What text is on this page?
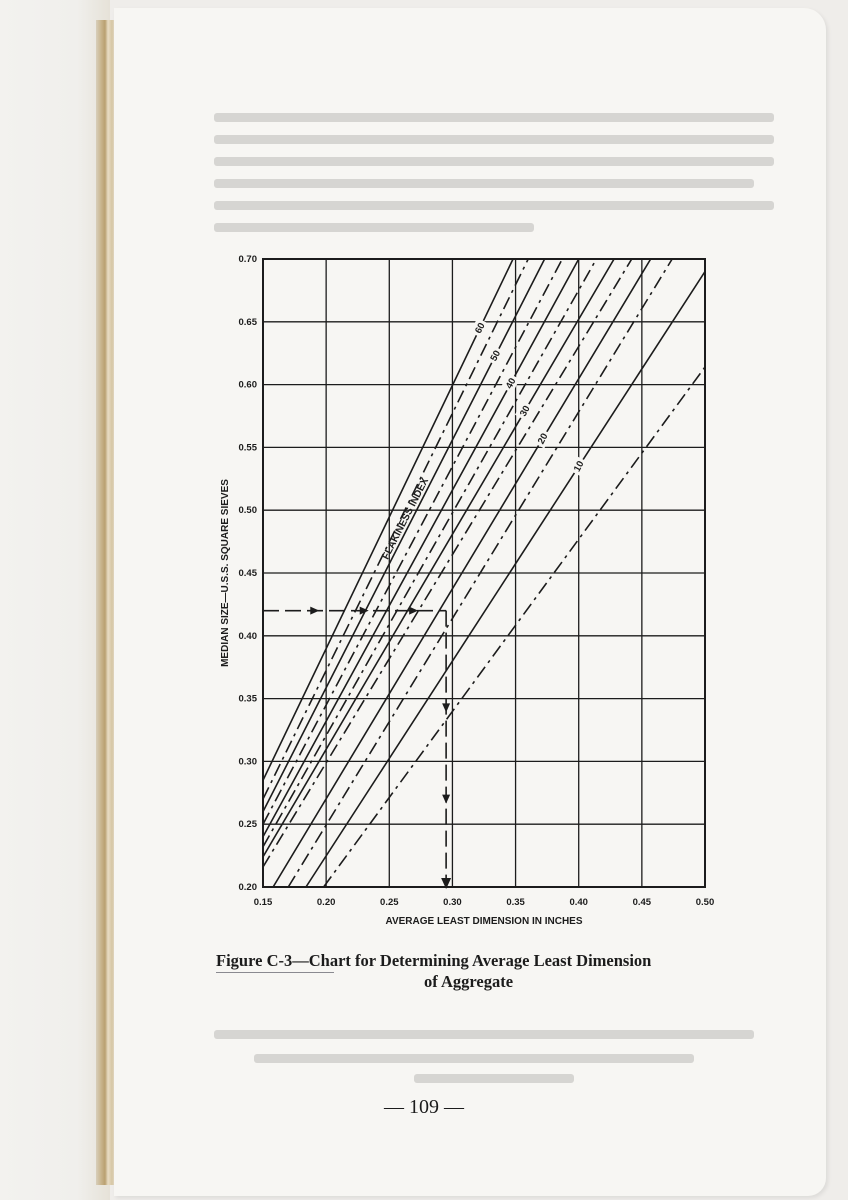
0.15	0.20	0.25	0.30	0.35	0.40	0.45	0.50
0.20
0.25
0.30
0.35
0.40
0.45
0.50
0.55
0.60
0.65
0.70
AVERAGE LEAST DIMENSION IN INCHES
MEDIAN SIZE—U.S.S. SQUARE SIEVES	FLAKINESS INDEX
60
50
40
30
20
10
Figure C-3—Chart for Determining Average Least Dimension

of Aggregate
— 109 —
